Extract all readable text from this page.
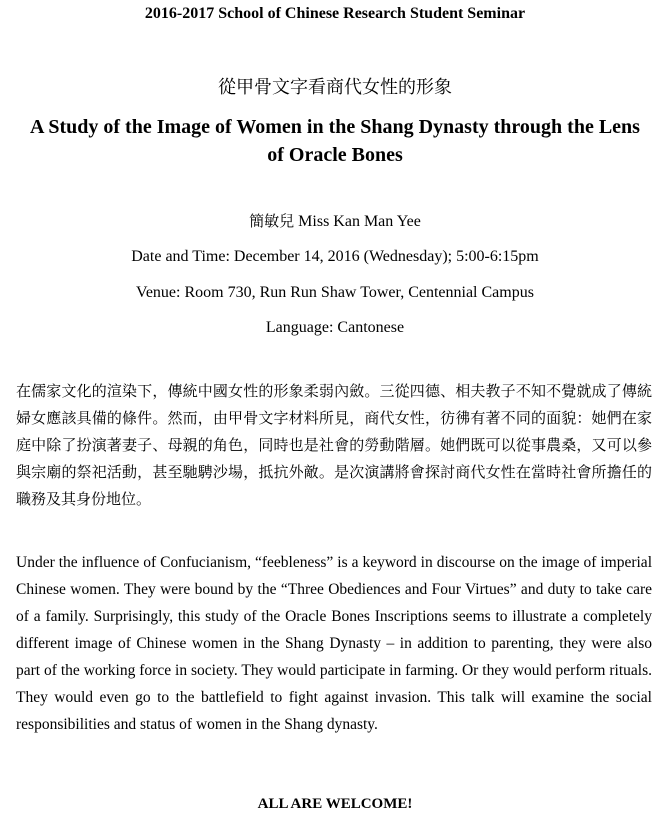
2016-2017 School of Chinese Research Student Seminar
從甲骨文字看商代女性的形象
A Study of the Image of Women in the Shang Dynasty through the Lens of Oracle Bones
簡敏兒 Miss Kan Man Yee
Date and Time: December 14, 2016 (Wednesday); 5:00-6:15pm
Venue: Room 730, Run Run Shaw Tower, Centennial Campus
Language: Cantonese
在儒家文化的渲染下，傳統中國女性的形象柔弱內斂。三從四德、相夫教子不知不覺就成了傳統婦女應該具備的條件。然而，由甲骨文字材料所見，商代女性，彷彿有著不同的面貌：她們在家庭中除了扮演著妻子、母親的角色，同時也是社會的勞動階層。她們既可以從事農桑，又可以參與宗廟的祭祀活動，甚至馳騁沙場，抵抗外敵。是次演講將會探討商代女性在當時社會所擔任的職務及其身份地位。
Under the influence of Confucianism, “feebleness” is a keyword in discourse on the image of imperial Chinese women. They were bound by the “Three Obediences and Four Virtues” and duty to take care of a family. Surprisingly, this study of the Oracle Bones Inscriptions seems to illustrate a completely different image of Chinese women in the Shang Dynasty – in addition to parenting, they were also part of the working force in society. They would participate in farming. Or they would perform rituals. They would even go to the battlefield to fight against invasion. This talk will examine the social responsibilities and status of women in the Shang dynasty.
ALL ARE WELCOME!
